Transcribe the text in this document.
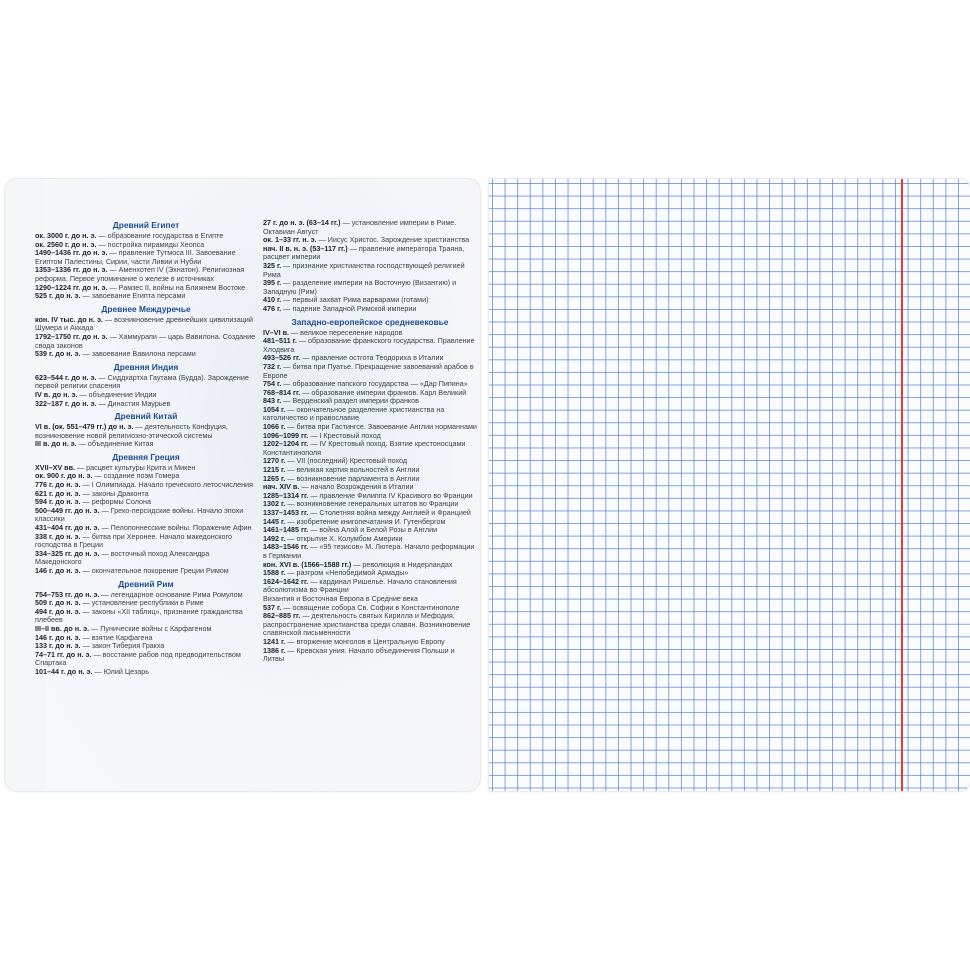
Древний Египет
ок. 3000 г. до н. э. — образование государства в Египте
ок. 2560 г. до н. э. — постройка пирамиды Хеопса
1490–1436 гг. до н. э. — правление Тутмоса III. Завоевание Египтом Палестины, Сирии, части Ливии и Нубии
1353–1336 гг. до н. э. — Аменхотеп IV (Эхнатон). Религиозная реформа. Первое упоминание о железе в источниках
1290–1224 гг. до н. э. — Рамзес II, войны на Ближнем Востоке
525 г. до н. э. — завоевание Египта персами
Древнее Междуречье
кон. IV тыс. до н. э. — возникновение древнейших цивилизаций Шумера и Аккада
1792–1750 гг. до н. э. — Хаммурапи — царь Вавилона. Создание свода законов
539 г. до н. э. — завоевание Вавилона персами
Древняя Индия
623–544 г. до н. э. — Сиддхартха Гаутама (Будда). Зарождение первой религии спасения
IV в. до н. э. — объединение Индии
322–187 г. до н. э. — Династия Маурьев
Древний Китай
VI в. (ок. 551–479 гг.) до н. э. — деятельность Конфуция, возникновение новой религиозно-этической системы
III в. до н. э. — объединение Китая
Древняя Греция
XVII–XV вв. — расцвет культуры Крита и Микен
ок. 900 г. до н. э. — создание поэм Гомера
776 г. до н. э. — I Олимпиада. Начало греческого летосчисления
621 г. до н. э. — законы Драконта
594 г. до н. э. — реформы Солона
500–449 гг. до н. э. — Греко-персидские войны. Начало эпохи классики
431–404 гг. до н. э. — Пелопоннесские войны. Поражение Афин
338 г. до н. э. — битва при Херонее. Начало македонского господства в Греции
334–325 гг. до н. э. — восточный поход Александра Македонского
146 г. до н. э. — окончательное покорение Греции Римом
Древний Рим
754–753 гг. до н. э. — легендарное основание Рима Ромулом
509 г. до н. э. — установление республики в Риме
494 г. до н. э. — законы «XII таблиц», признание гражданства плебеев
III–II вв. до н. э. — Пунические войны с Карфагеном
146 г. до н. э. — взятие Карфагена
133 г. до н. э. — закон Тиберия Гракха
74–71 гг. до н. э. — восстание рабов под предводительством Спартака
101–44 г. до н. э. — Юлий Цезарь
27 г. до н. э. (63–14 гг.) — установление империи в Риме. Октавиан Август
ок. 1–33 гг. н. э. — Иисус Христос. Зарождение христианства
нач. II в. н. э. (53–117 гг.) — правление императора Траяна, расцвет империи
325 г. — признание христианства господствующей религией Рима
395 г. — разделение империи на Восточную (Византию) и Западную (Рим)
410 г. — первый захват Рима варварами (готами)
476 г. — падение Западной Римской империи
Западно-европейское средневековье
IV–VI в. — великое переселение народов
481–511 г. — образование франкского государства. Правление Хлодвига
493–526 гг. — правление остгота Теодориха в Италии
732 г. — битва при Пуатье. Прекращение завоеваний арабов в Европе
754 г. — образование папского государства — «Дар Пипина»
768–814 гг. — образование империи франков. Карл Великий
843 г. — Верденский раздел империи франков
1054 г. — окончательное разделение христианства на католичество и православие
1066 г. — битва при Гастингсе. Завоевание Англии норманнами
1096–1099 гг. — I Крестовый поход
1202–1204 гг. — IV Крестовый поход. Взятие крестоносцами Константинополя
1270 г. — VII (последний) Крестовый поход
1215 г. — великая хартия вольностей в Англии
1265 г. — возникновение парламента в Англии
нач. XIV в. — начало Возрождения в Италии
1285–1314 гг. — правление Филиппа IV Красивого во Франции
1302 г. — возникновение генеральных штатов во Франции
1337–1453 гг. — Столетняя война между Англией и Францией
1445 г. — изобретение книгопечатания И. Гутенбергом
1461–1485 гг. — война Алой и Белой Розы в Англии
1492 г. — открытие Х. Колумбом Америки
1483–1546 гг. — «95 тезисов» М. Лютера. Начало реформации в Германии
кон. XVI в. (1566–1588 гг.) — революция в Нидерландах
1588 г. — разгром «Непобедимой Армады»
1624–1642 гг. — кардинал Ришелье. Начало становления абсолютизма во Франции
Византия и Восточная Европа в Средние века
537 г. — освящение собора Св. Софии в Константинополе
862–885 гг. — деятельность святых Кирилла и Мефодия, распространение христианства среди славян. Возникновение славянской письменности
1241 г. — вторжение монголов в Центральную Европу
1386 г. — Кревская уния. Начало объединения Польши и Литвы
